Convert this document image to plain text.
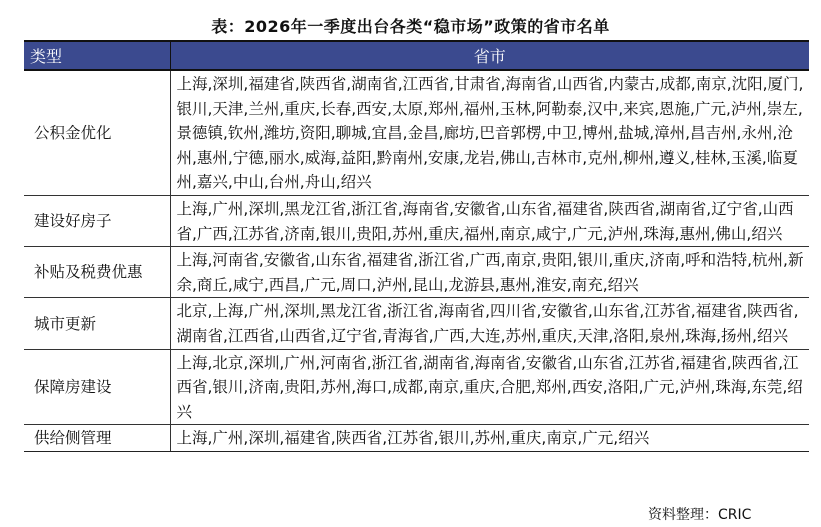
表：2026年一季度出台各类“稳市场”政策的省市名单
类型	省市
公积金优化	上海,深圳,福建省,陕西省,湖南省,江西省,甘肃省,海南省,山西省,内蒙古,成都,南京,沈阳,厦门,银川,天津,兰州,重庆,长春,西安,太原,郑州,福州,玉林,阿勒泰,汉中,来宾,恩施,广元,泸州,崇左,景德镇,钦州,潍坊,资阳,聊城,宜昌,金昌,廊坊,巴音郭楞,中卫,博州,盐城,漳州,昌吉州,永州,沧州,惠州,宁德,丽水,威海,益阳,黔南州,安康,龙岩,佛山,吉林市,克州,柳州,遵义,桂林,玉溪,临夏州,嘉兴,中山,台州,舟山,绍兴
建设好房子	上海,广州,深圳,黑龙江省,浙江省,海南省,安徽省,山东省,福建省,陕西省,湖南省,辽宁省,山西省,广西,江苏省,济南,银川,贵阳,苏州,重庆,福州,南京,咸宁,广元,泸州,珠海,惠州,佛山,绍兴
补贴及税费优惠	上海,河南省,安徽省,山东省,福建省,浙江省,广西,南京,贵阳,银川,重庆,济南,呼和浩特,杭州,新余,商丘,咸宁,西昌,广元,周口,泸州,昆山,龙游县,惠州,淮安,南充,绍兴
城市更新	北京,上海,广州,深圳,黑龙江省,浙江省,海南省,四川省,安徽省,山东省,江苏省,福建省,陕西省,湖南省,江西省,山西省,辽宁省,青海省,广西,大连,苏州,重庆,天津,洛阳,泉州,珠海,扬州,绍兴
保障房建设	上海,北京,深圳,广州,河南省,浙江省,湖南省,海南省,安徽省,山东省,江苏省,福建省,陕西省,江西省,银川,济南,贵阳,苏州,海口,成都,南京,重庆,合肥,郑州,西安,洛阳,广元,泸州,珠海,东莞,绍兴
供给侧管理	上海,广州,深圳,福建省,陕西省,江苏省,银川,苏州,重庆,南京,广元,绍兴
资料整理：CRIC
